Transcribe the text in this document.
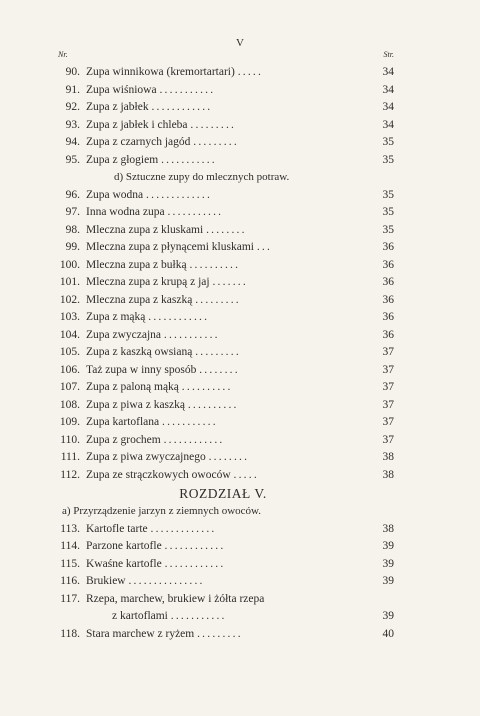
V
Nr.	Str.
90. Zupa winnikowa (kremortartari) .....	34
91. Zupa wiśniowa ...........	34
92. Zupa z jabłek ............	34
93. Zupa z jabłek i chleba .........	34
94. Zupa z czarnych jagód .........	35
95. Zupa z głogiem ...........	35
d) Sztuczne zupy do mlecznych potraw.
96. Zupa wodna .............	35
97. Inna wodna zupa ...........	35
98. Mleczna zupa z kluskami ........	35
99. Mleczna zupa z płynącemi kluskami ...	36
100. Mleczna zupa z bułką ..........	36
101. Mleczna zupa z krupą z jaj .......	36
102. Mleczna zupa z kaszką .........	36
103. Zupa z mąką ............	36
104. Zupa zwyczajna ...........	36
105. Zupa z kaszką owsianą .........	37
106. Taż zupa w inny sposób ........	37
107. Zupa z paloną mąką ..........	37
108. Zupa z piwa z kaszką ..........	37
109. Zupa kartoflana ...........	37
110. Zupa z grochem ............	37
111. Zupa z piwa zwyczajnego ........	38
112. Zupa ze strączkowych owoców .....	38
ROZDZIAŁ V.
a) Przyrządzenie jarzyn z ziemnych owoców.
113. Kartofle tarte .............	38
114. Parzone kartofle ............	39
115. Kwaśne kartofle ............	39
116. Brukiew ...............	39
117. Rzepa, marchew, brukiew i żółta rzepa
z kartoflami ...........	39
118. Stara marchew z ryżem .........	40
